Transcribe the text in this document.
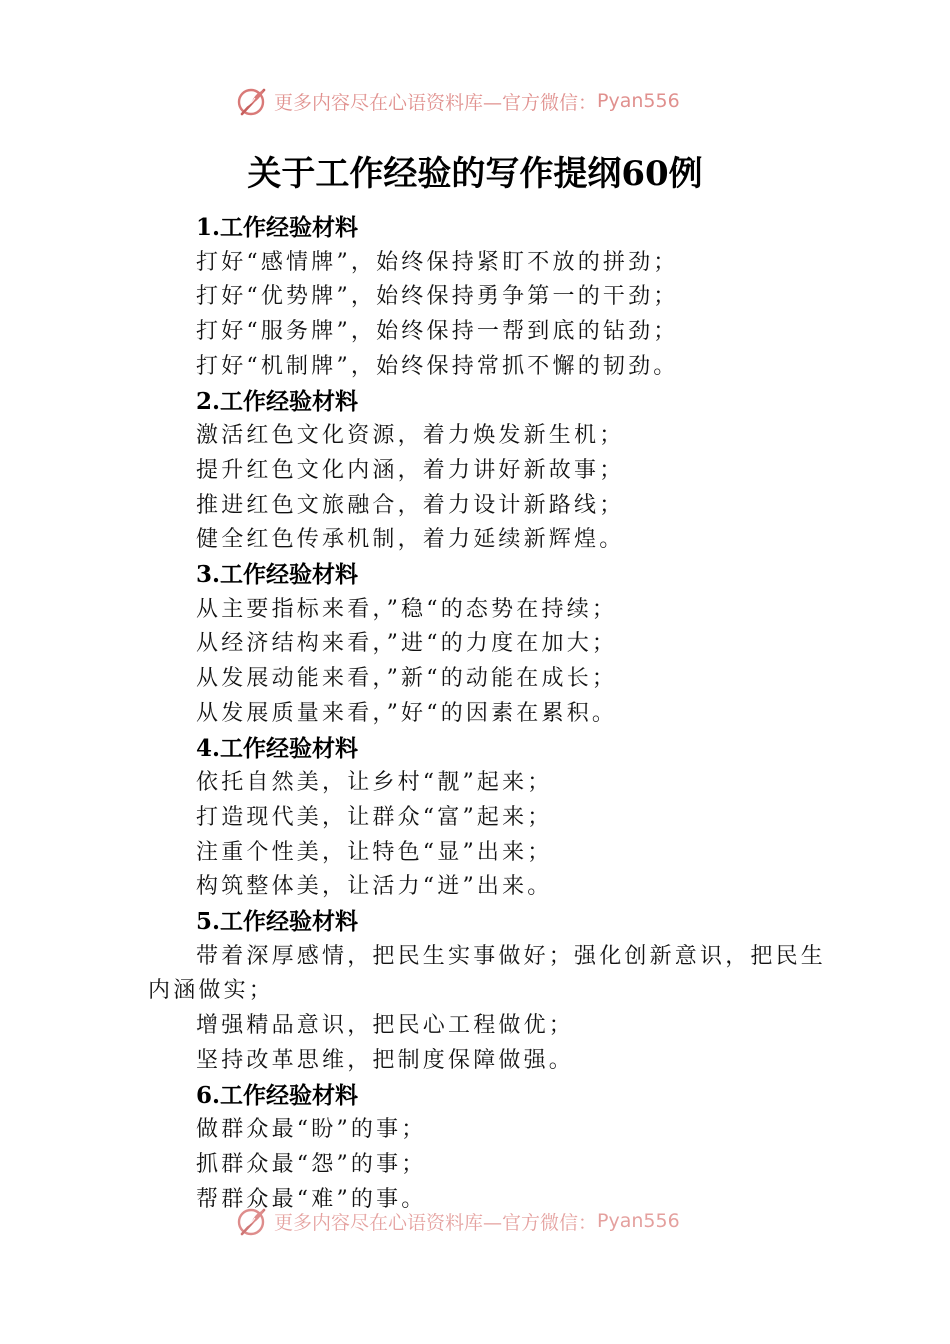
更多内容尽在心语资料库—官方微信： Pyan556
关于工作经验的写作提纲60例

1.工作经验材料

打好“感情牌”，始终保持紧盯不放的拼劲；

打好“优势牌”，始终保持勇争第一的干劲；

打好“服务牌”，始终保持一帮到底的钻劲；

打好“机制牌”，始终保持常抓不懈的韧劲。

2.工作经验材料

激活红色文化资源，着力焕发新生机；

提升红色文化内涵，着力讲好新故事；

推进红色文旅融合，着力设计新路线；

健全红色传承机制，着力延续新辉煌。

3.工作经验材料

从主要指标来看，”稳“的态势在持续；

从经济结构来看，”进“的力度在加大；

从发展动能来看，”新“的动能在成长；

从发展质量来看，”好“的因素在累积。

4.工作经验材料

依托自然美，让乡村“靓”起来；

打造现代美，让群众“富”起来；

注重个性美，让特色“显”出来；

构筑整体美，让活力“迸”出来。

5.工作经验材料

带着深厚感情，把民生实事做好；强化创新意识，把民生内涵做实；

增强精品意识，把民心工程做优；

坚持改革思维，把制度保障做强。

6.工作经验材料

做群众最“盼”的事；

抓群众最“怨”的事；

帮群众最“难”的事。

更多内容尽在心语资料库—官方微信： Pyan556
